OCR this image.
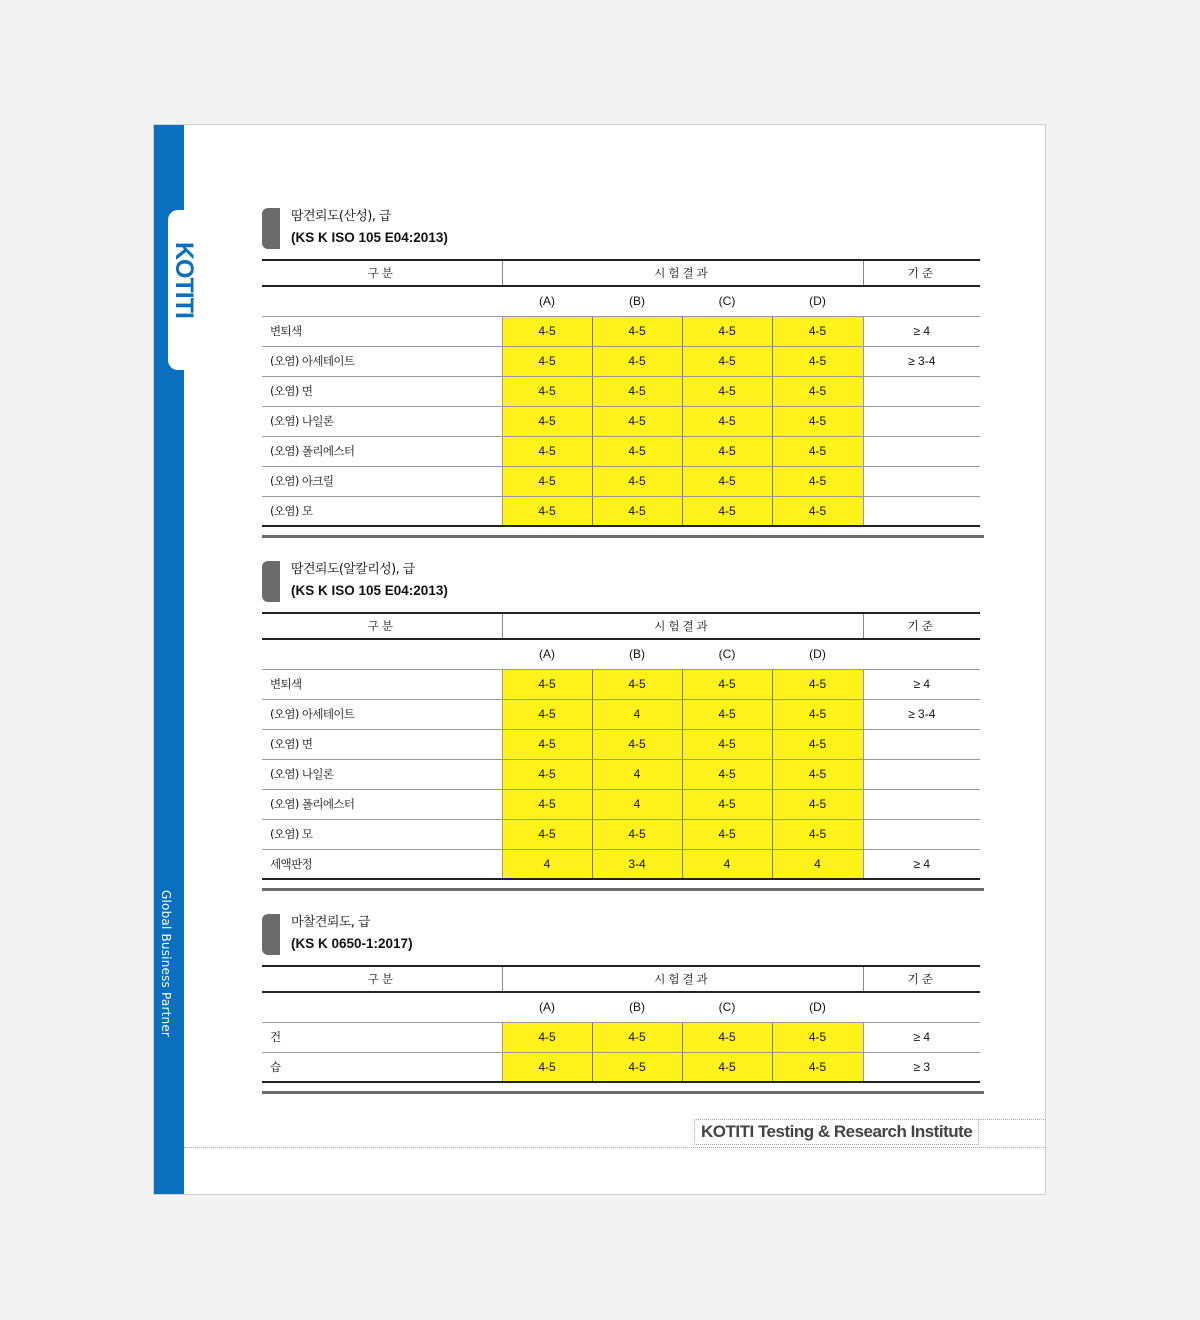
KOTITI
Global Business Partner
땀견뢰도(산성), 급
(KS K ISO 105 E04:2013)
구분	시험결과				기준
	(A)	(B)	(C)	(D)	
변퇴색	4-5	4-5	4-5	4-5	≥ 4
(오염) 아세테이트	4-5	4-5	4-5	4-5	≥ 3-4
(오염) 면	4-5	4-5	4-5	4-5	
(오염) 나일론	4-5	4-5	4-5	4-5	
(오염) 폴리에스터	4-5	4-5	4-5	4-5	
(오염) 아크릴	4-5	4-5	4-5	4-5	
(오염) 모	4-5	4-5	4-5	4-5	
땀견뢰도(알칼리성), 급
(KS K ISO 105 E04:2013)
구분	시험결과				기준
	(A)	(B)	(C)	(D)	
변퇴색	4-5	4-5	4-5	4-5	≥ 4
(오염) 아세테이트	4-5	4	4-5	4-5	≥ 3-4
(오염) 면	4-5	4-5	4-5	4-5	
(오염) 나일론	4-5	4	4-5	4-5	
(오염) 폴리에스터	4-5	4	4-5	4-5	
(오염) 모	4-5	4-5	4-5	4-5	
세액판정	4	3-4	4	4	≥ 4
마찰견뢰도, 급
(KS K 0650-1:2017)
구분	시험결과				기준
	(A)	(B)	(C)	(D)	
건	4-5	4-5	4-5	4-5	≥ 4
습	4-5	4-5	4-5	4-5	≥ 3
KOTITI Testing & Research Institute
